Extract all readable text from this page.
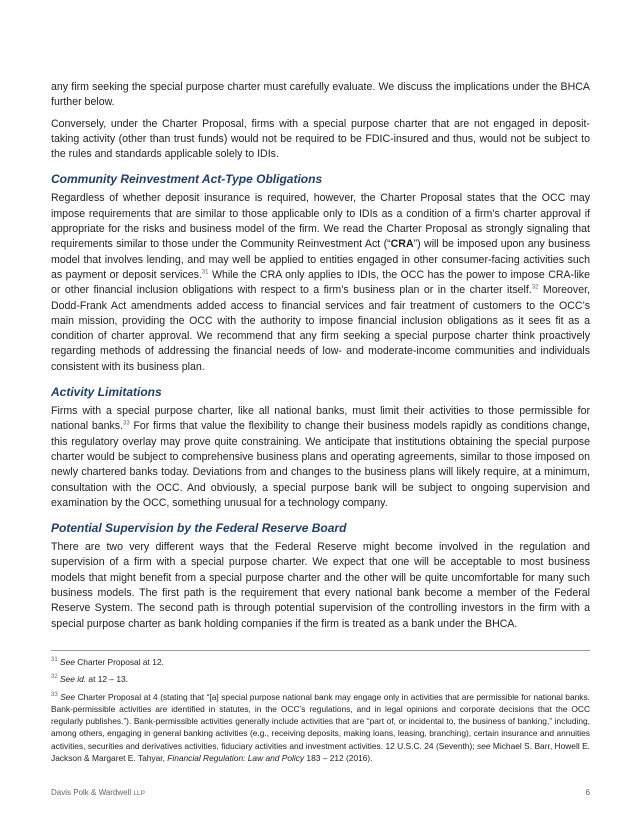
any firm seeking the special purpose charter must carefully evaluate. We discuss the implications under the BHCA further below.

Conversely, under the Charter Proposal, firms with a special purpose charter that are not engaged in deposit-taking activity (other than trust funds) would not be required to be FDIC-insured and thus, would not be subject to the rules and standards applicable solely to IDIs.

Community Reinvestment Act-Type Obligations

Regardless of whether deposit insurance is required, however, the Charter Proposal states that the OCC may impose requirements that are similar to those applicable only to IDIs as a condition of a firm’s charter approval if appropriate for the risks and business model of the firm. We read the Charter Proposal as strongly signaling that requirements similar to those under the Community Reinvestment Act (“CRA”) will be imposed upon any business model that involves lending, and may well be applied to entities engaged in other consumer-facing activities such as payment or deposit services.$^{31}$ While the CRA only applies to IDIs, the OCC has the power to impose CRA-like or other financial inclusion obligations with respect to a firm’s business plan or in the charter itself.$^{32}$ Moreover, Dodd-Frank Act amendments added access to financial services and fair treatment of customers to the OCC’s main mission, providing the OCC with the authority to impose financial inclusion obligations as it sees fit as a condition of charter approval. We recommend that any firm seeking a special purpose charter think proactively regarding methods of addressing the financial needs of low- and moderate-income communities and individuals consistent with its business plan.

Activity Limitations

Firms with a special purpose charter, like all national banks, must limit their activities to those permissible for national banks.$^{33}$ For firms that value the flexibility to change their business models rapidly as conditions change, this regulatory overlay may prove quite constraining. We anticipate that institutions obtaining the special purpose charter would be subject to comprehensive business plans and operating agreements, similar to those imposed on newly chartered banks today. Deviations from and changes to the business plans will likely require, at a minimum, consultation with the OCC. And obviously, a special purpose bank will be subject to ongoing supervision and examination by the OCC, something unusual for a technology company.

Potential Supervision by the Federal Reserve Board

There are two very different ways that the Federal Reserve might become involved in the regulation and supervision of a firm with a special purpose charter. We expect that one will be acceptable to most business models that might benefit from a special purpose charter and the other will be quite uncomfortable for many such business models. The first path is the requirement that every national bank become a member of the Federal Reserve System. The second path is through potential supervision of the controlling investors in the firm with a special purpose charter as bank holding companies if the firm is treated as a bank under the BHCA.

$^{31}$ See Charter Proposal at 12.
$^{32}$ See id. at 12 – 13.
$^{33}$ See Charter Proposal at 4 (stating that “[a] special purpose national bank may engage only in activities that are permissible for national banks. Bank-permissible activities are identified in statutes, in the OCC’s regulations, and in legal opinions and corporate decisions that the OCC regularly publishes.”). Bank-permissible activities generally include activities that are “part of, or incidental to, the business of banking,” including, among others, engaging in general banking activities (e.g., receiving deposits, making loans, leasing, branching), certain insurance and annuities activities, securities and derivatives activities, fiduciary activities and investment activities. 12 U.S.C. 24 (Seventh); see Michael S. Barr, Howell E. Jackson & Margaret E. Tahyar, Financial Regulation: Law and Policy 183 – 212 (2016).
Davis Polk & Wardwell LLP	6
